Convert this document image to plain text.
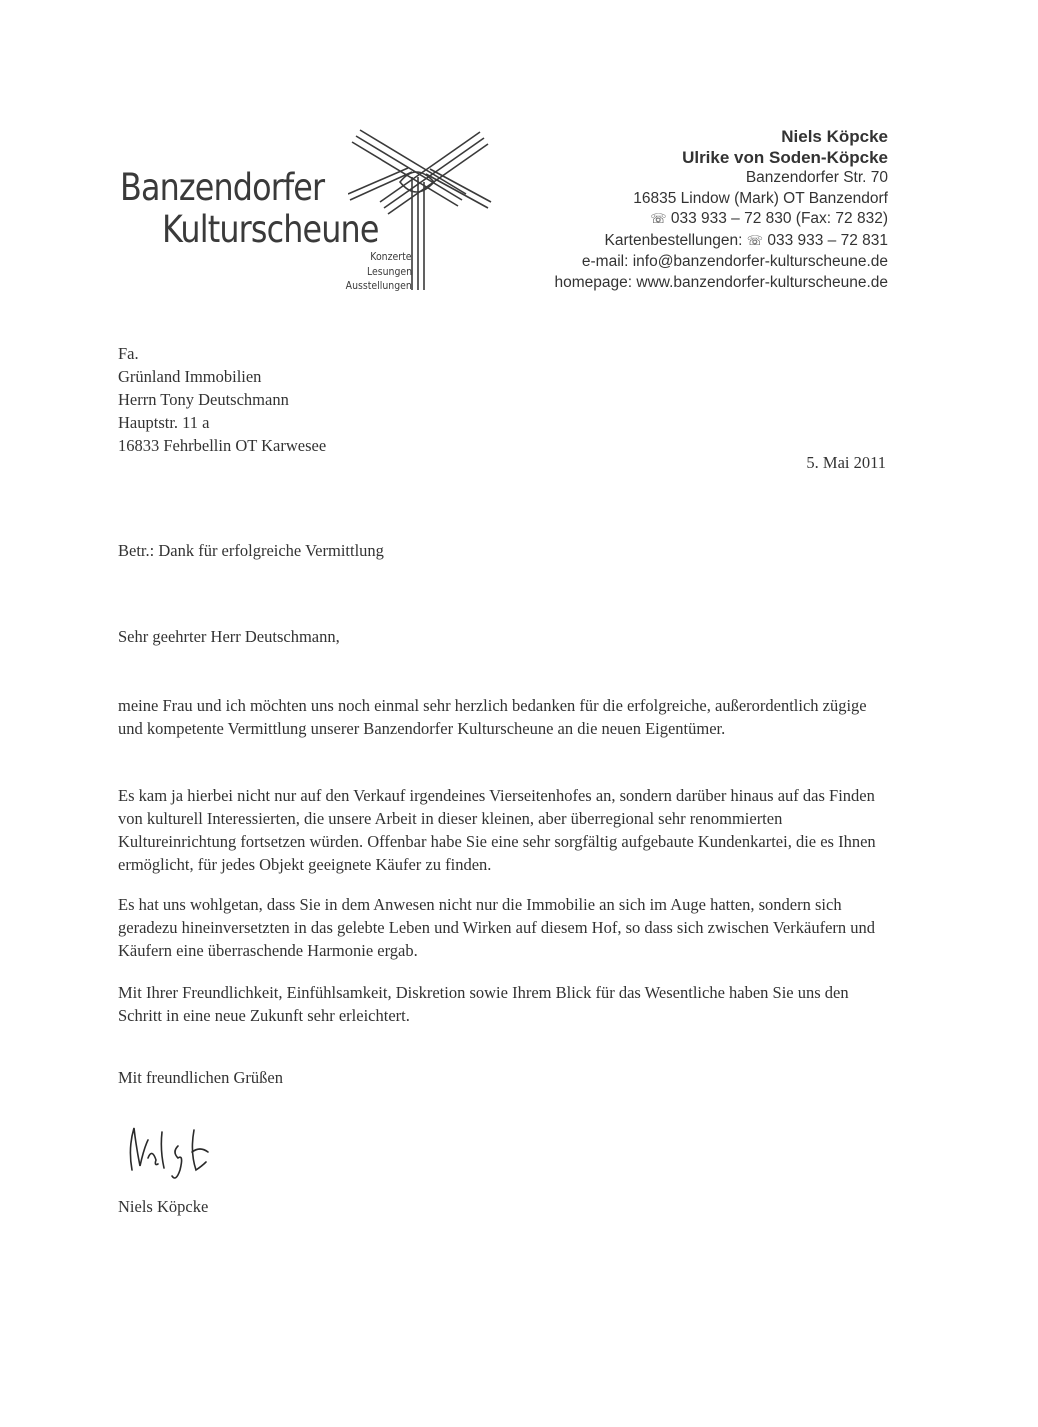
Banzendorfer
Kulturscheune
Konzerte
Lesungen
Ausstellungen
Niels Köpcke
Ulrike von Soden-Köpcke
Banzendorfer Str. 70
16835 Lindow (Mark) OT Banzendorf
☏ 033 933 – 72 830 (Fax: 72 832)
Kartenbestellungen: ☏ 033 933 – 72 831
e-mail: info@banzendorfer-kulturscheune.de
homepage: www.banzendorfer-kulturscheune.de
Fa.
Grünland Immobilien
Herrn Tony Deutschmann
Hauptstr. 11 a
16833 Fehrbellin OT Karwesee
5. Mai 2011
Betr.: Dank für erfolgreiche Vermittlung
Sehr geehrter Herr Deutschmann,
meine Frau und ich möchten uns noch einmal sehr herzlich bedanken für die erfolgreiche, außerordentlich zügige und kompetente Vermittlung unserer Banzendorfer Kulturscheune an die neuen Eigentümer.
Es kam ja hierbei nicht nur auf den Verkauf irgendeines Vierseitenhofes an, sondern darüber hinaus auf das Finden von kulturell Interessierten, die unsere Arbeit in dieser kleinen, aber überregional sehr renommierten Kultureinrichtung fortsetzen würden. Offenbar habe Sie eine sehr sorgfältig aufgebaute Kundenkartei, die es Ihnen ermöglicht, für jedes Objekt geeignete Käufer zu finden.
Es hat uns wohlgetan, dass Sie in dem Anwesen nicht nur die Immobilie an sich im Auge hatten, sondern sich geradezu hineinversetzten in das gelebte Leben und Wirken auf diesem Hof, so dass sich zwischen Verkäufern und Käufern eine überraschende Harmonie ergab.
Mit Ihrer Freundlichkeit, Einfühlsamkeit, Diskretion sowie Ihrem Blick für das Wesentliche haben Sie uns den Schritt in eine neue Zukunft sehr erleichtert.
Mit freundlichen Grüßen
Niels Köpcke
